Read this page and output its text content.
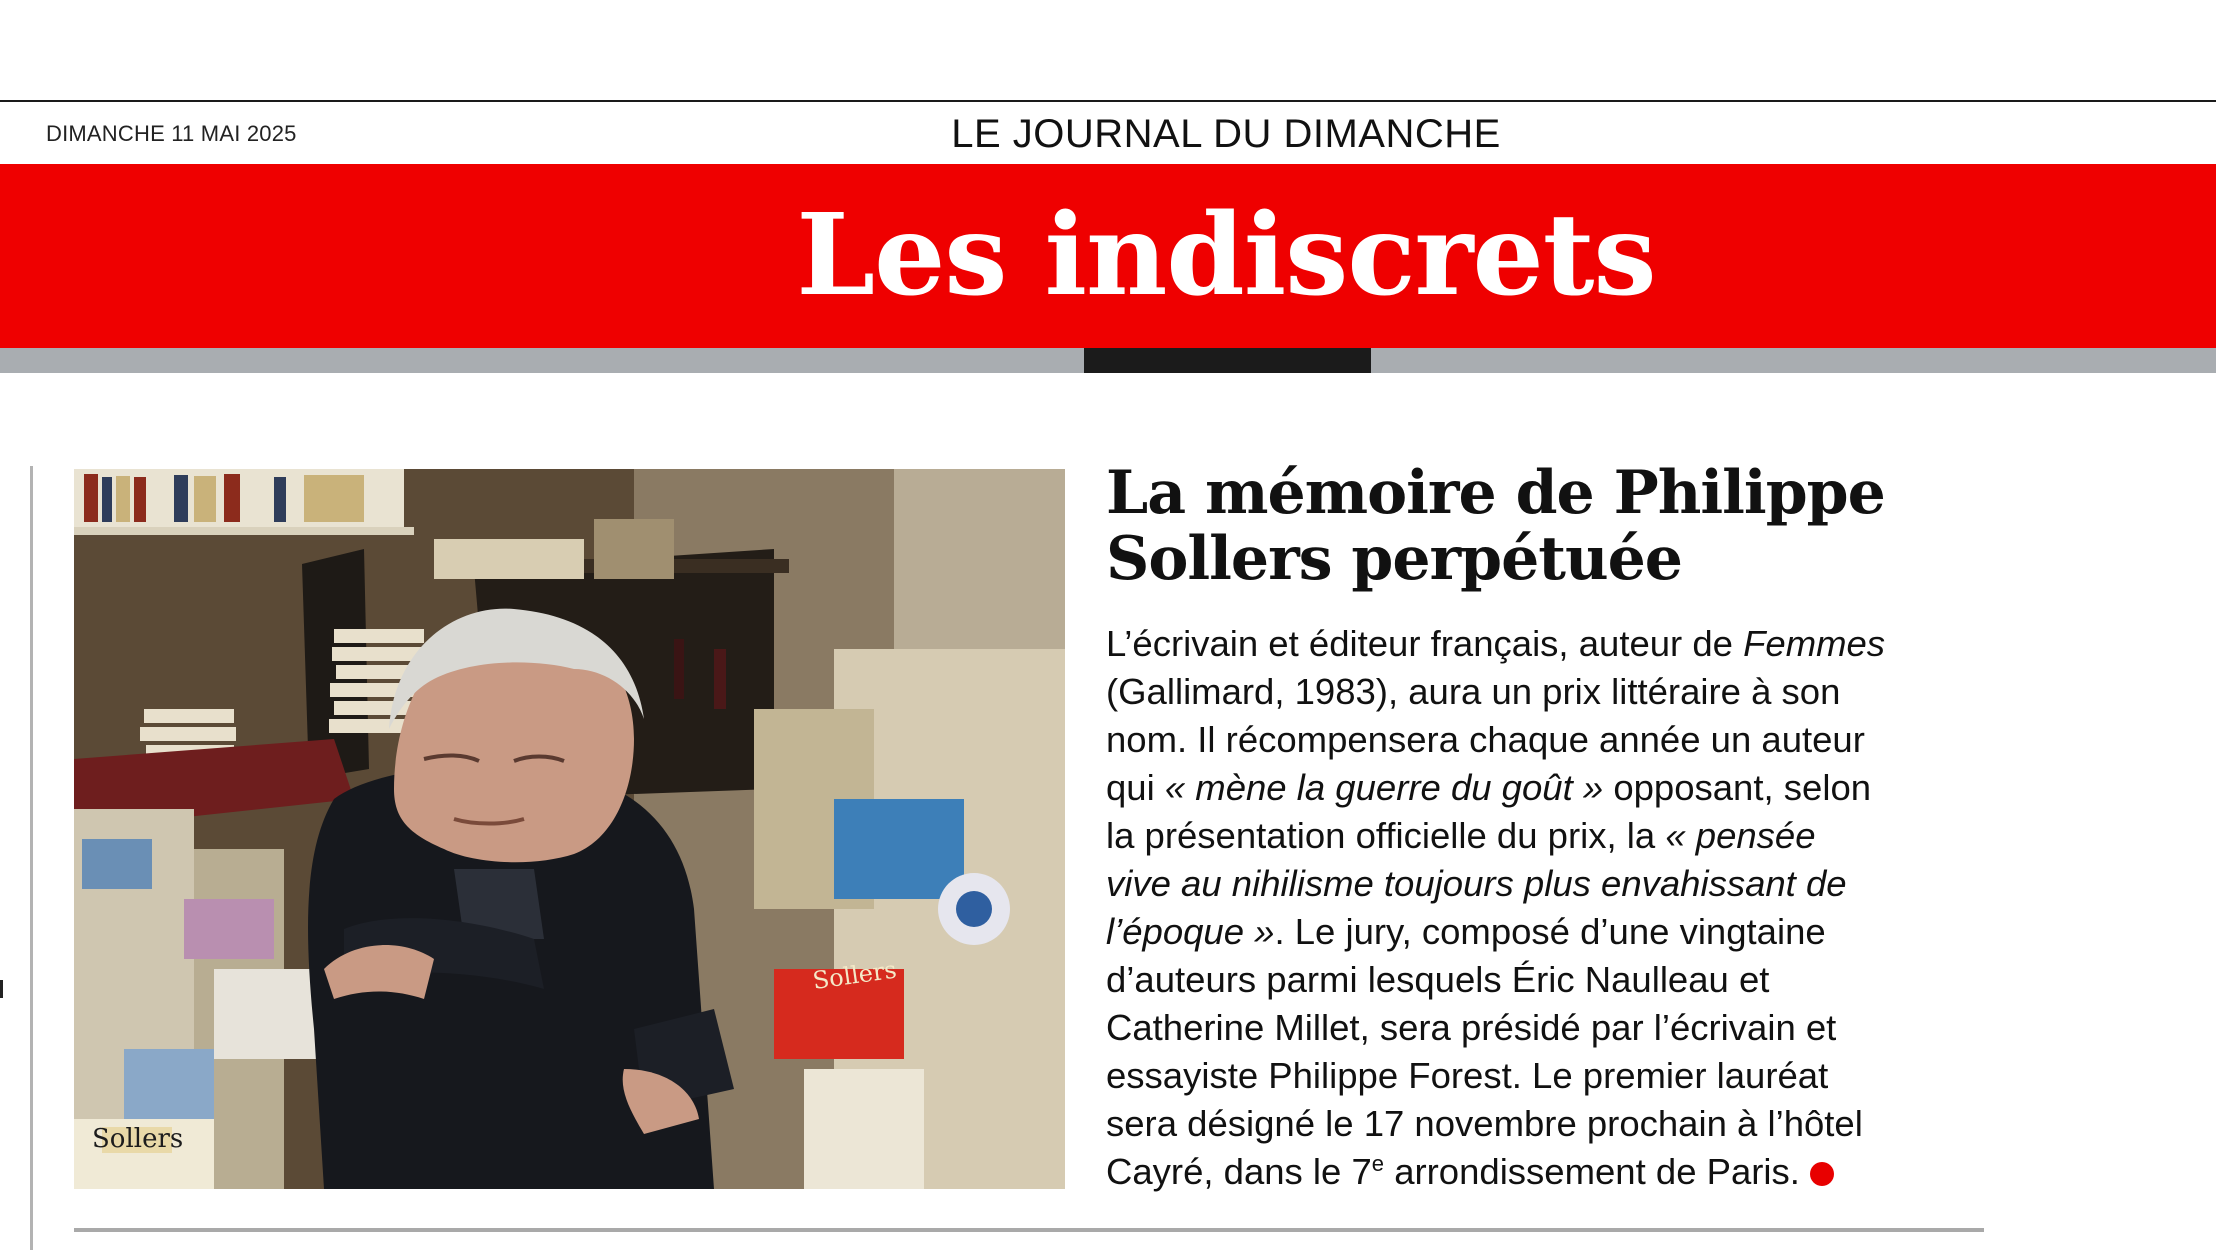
DIMANCHE 11 MAI 2025	LE JOURNAL DU DIMANCHE
Les indiscrets
Sollers
Sollers
La mémoire de Philippe
Sollers perpétuée
L’écrivain et éditeur français, auteur de Femmes
(Gallimard, 1983), aura un prix littéraire à son
nom. Il récompensera chaque année un auteur
qui « mène la guerre du goût » opposant, selon
la présentation officielle du prix, la « pensée
vive au nihilisme toujours plus envahissant de
l’époque ». Le jury, composé d’une vingtaine
d’auteurs parmi lesquels Éric Naulleau et
Catherine Millet, sera présidé par l’écrivain et
essayiste Philippe Forest. Le premier lauréat
sera désigné le 17 novembre prochain à l’hôtel
Cayré, dans le 7e arrondissement de Paris.
